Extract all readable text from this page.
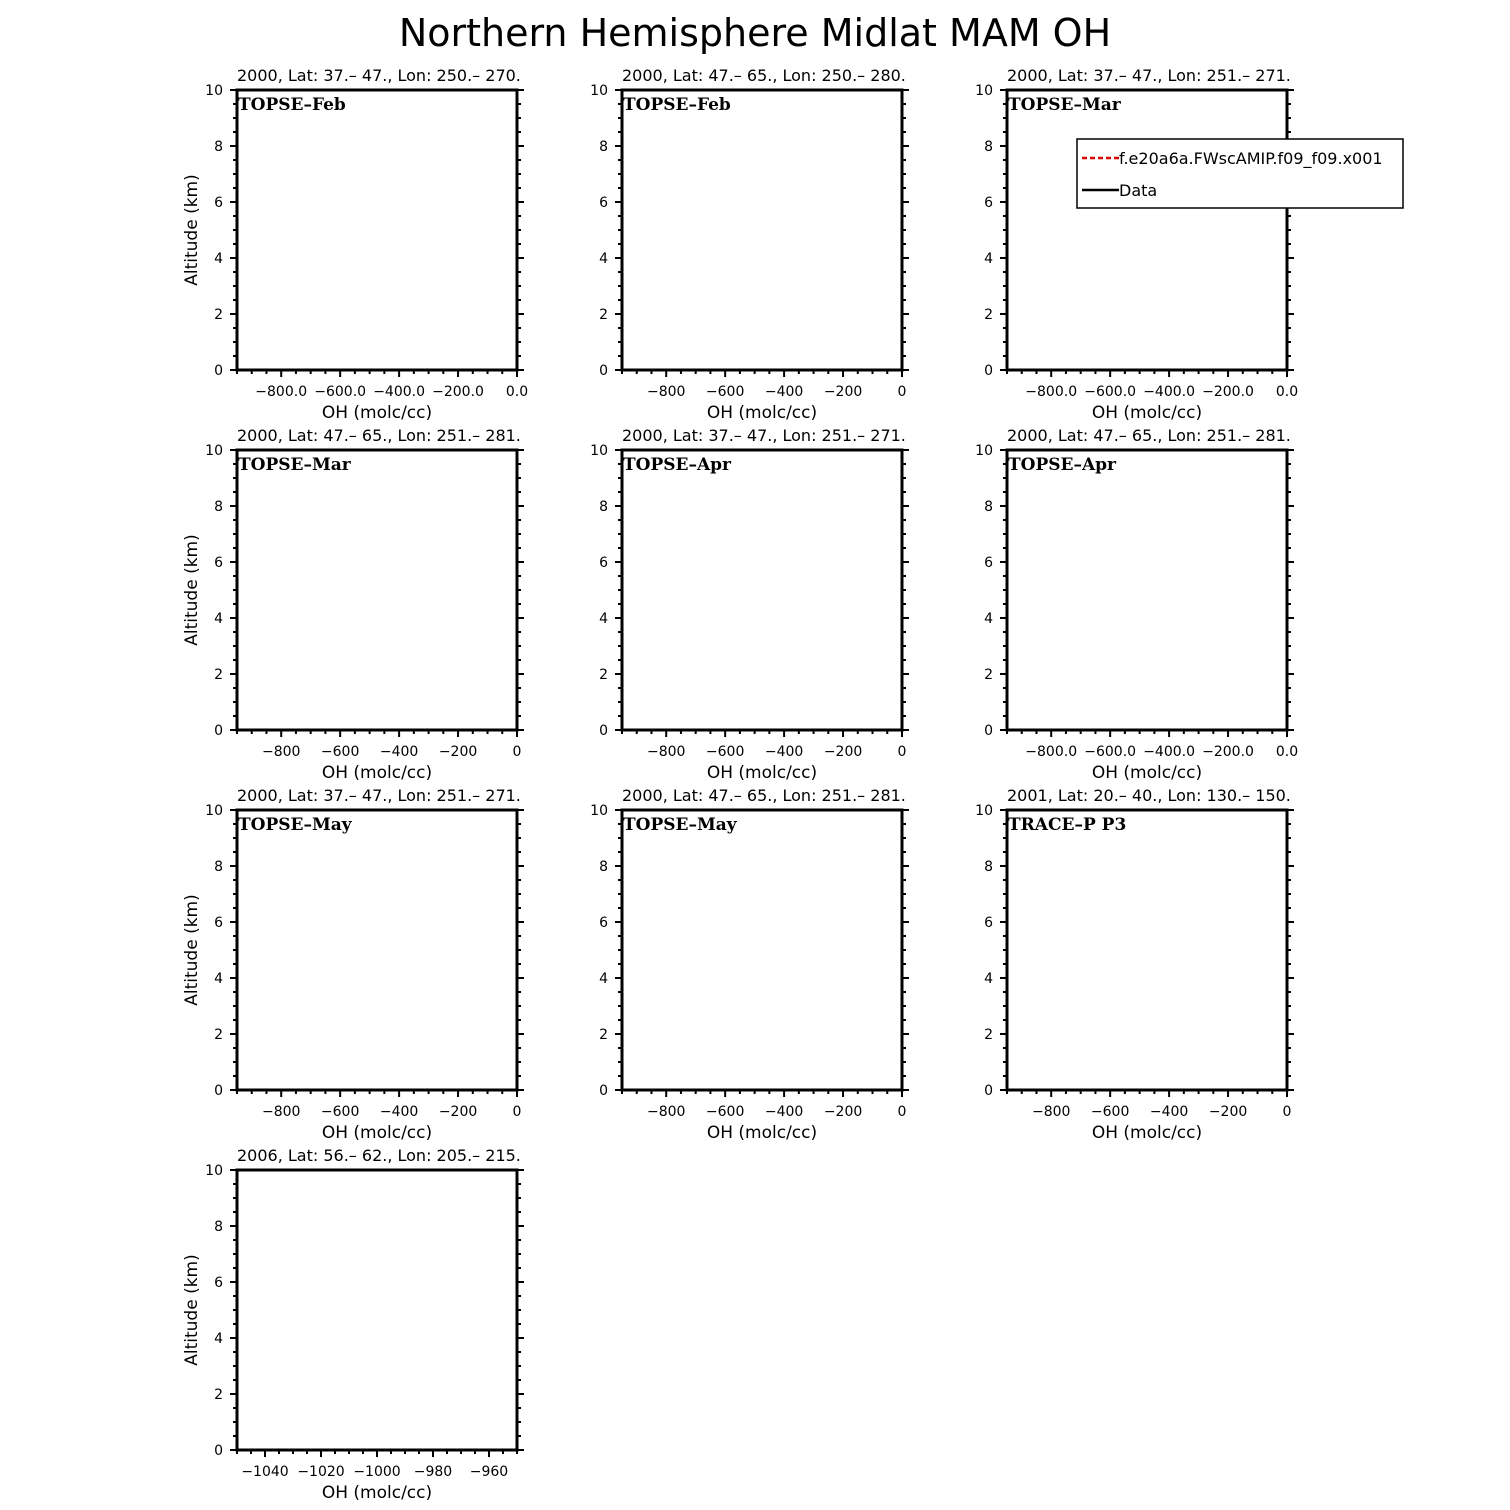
Northern Hemisphere Midlat MAM OH
0
2
4
6
8
10
−800.0 −600.0 −400.0 −200.0 0.0
OH (molc/cc)
Altitude (km)
2000, Lat: 37.– 47., Lon: 250.– 270.
TOPSE–Feb
0
2
4
6
8
10
−800 −600 −400 −200	0
OH (molc/cc)
2000, Lat: 47.– 65., Lon: 250.– 280.
TOPSE–Feb
0
2
4
6
8
10
−800.0 −600.0 −400.0 −200.0 0.0
OH (molc/cc)
2000, Lat: 37.– 47., Lon: 251.– 271.
TOPSE–Mar
0
2
4
6
8
10
−800 −600 −400 −200	0
OH (molc/cc)
Altitude (km)
2000, Lat: 47.– 65., Lon: 251.– 281.
TOPSE–Mar
0
2
4
6
8
10
−800 −600 −400 −200	0
OH (molc/cc)
2000, Lat: 37.– 47., Lon: 251.– 271.
TOPSE–Apr
0
2
4
6
8
10
−800.0 −600.0 −400.0 −200.0 0.0
OH (molc/cc)
2000, Lat: 47.– 65., Lon: 251.– 281.
TOPSE–Apr
0
2
4
6
8
10
−800 −600 −400 −200	0
OH (molc/cc)
Altitude (km)
2000, Lat: 37.– 47., Lon: 251.– 271.
TOPSE–May
0
2
4
6
8
10
−800 −600 −400 −200	0
OH (molc/cc)
2000, Lat: 47.– 65., Lon: 251.– 281.
TOPSE–May
0
2
4
6
8
10
−800 −600 −400 −200	0
OH (molc/cc)
2001, Lat: 20.– 40., Lon: 130.– 150.
TRACE–P P3
0
2
4
6
8
10
−1040 −1020 −1000 −980 −960
OH (molc/cc)
Altitude (km)
2006, Lat: 56.– 62., Lon: 205.– 215.
f.e20a6a.FWscAMIP.f09_f09.x001
Data
